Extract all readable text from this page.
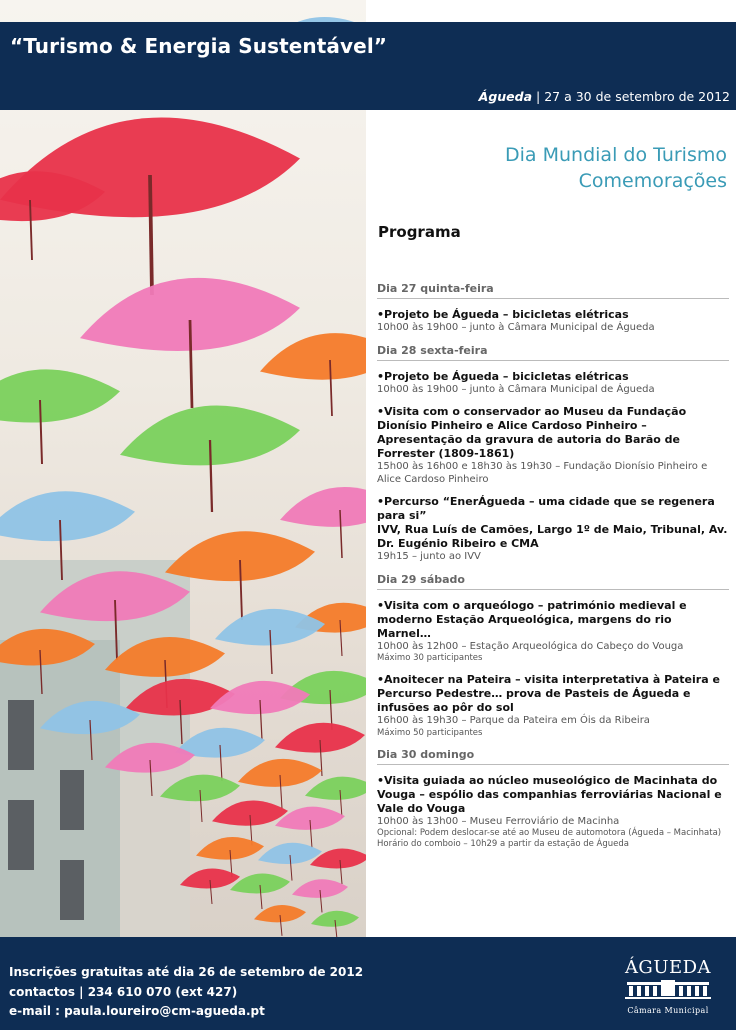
“Turismo & Energia Sustentável”
Águeda | 27 a 30 de setembro de 2012
Dia Mundial do Turismo
Comemorações
Programa
Dia 27 quinta-feira
•Projeto be Águeda – bicicletas elétricas
10h00 às 19h00 – junto à Câmara Municipal de Águeda
Dia 28 sexta-feira
•Projeto be Águeda – bicicletas elétricas
10h00 às 19h00 – junto à Câmara Municipal de Águeda
•Visita com o conservador ao Museu da Fundação Dionísio Pinheiro e Alice Cardoso Pinheiro – Apresentação da gravura de autoria do Barão de Forrester (1809-1861)
15h00 às 16h00 e 18h30 às 19h30 – Fundação Dionísio Pinheiro e Alice Cardoso Pinheiro
•Percurso “EnerÁgueda – uma cidade que se regenera para si”
IVV, Rua Luís de Camões, Largo 1º de Maio, Tribunal, Av. Dr. Eugénio Ribeiro e CMA
19h15 – junto ao IVV
Dia 29 sábado
•Visita com o arqueólogo – património medieval e moderno Estação Arqueológica, margens do rio Marnel…
10h00 às 12h00 – Estação Arqueológica do Cabeço do Vouga
Máximo 30 participantes
•Anoitecer na Pateira – visita interpretativa à Pateira e Percurso Pedestre… prova de Pasteis de Águeda e infusões ao pôr do sol
16h00 às 19h30 – Parque da Pateira em Óis da Ribeira
Máximo 50 participantes
Dia 30 domingo
•Visita guiada ao núcleo museológico de Macinhata do Vouga – espólio das companhias ferroviárias Nacional e Vale do Vouga
10h00 às 13h00 – Museu Ferroviário de Macinha
Opcional: Podem deslocar-se até ao Museu de automotora (Águeda – Macinhata)
Horário do comboio – 10h29 a partir da estação de Águeda
Inscrições gratuitas até dia 26 de setembro de 2012
contactos | 234 610 070 (ext 427)
e-mail : paula.loureiro@cm-agueda.pt
ÁGUEDA
Câmara Municipal
